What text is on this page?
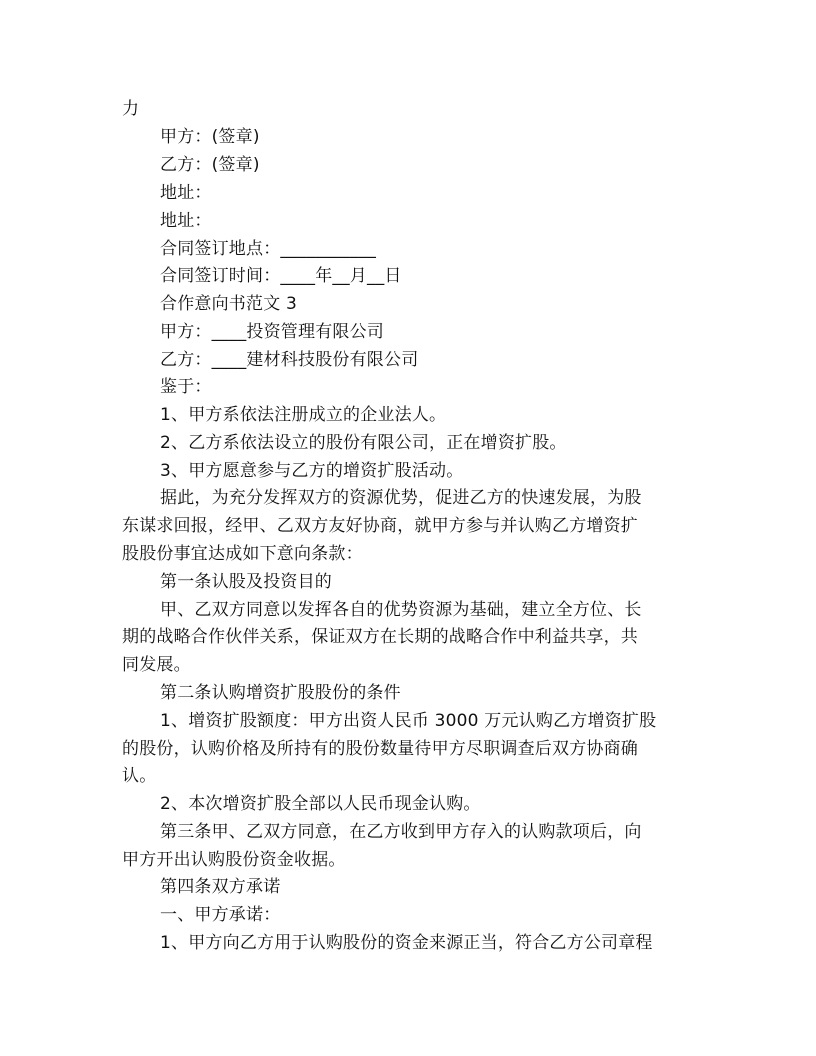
力

甲方：(签章)

乙方：(签章)

地址：

地址：

合同签订地点：___________

合同签订时间：____年__月__日

合作意向书范文 3

甲方：____投资管理有限公司

乙方：____建材科技股份有限公司

鉴于：

1、甲方系依法注册成立的企业法人。

2、乙方系依法设立的股份有限公司，正在增资扩股。

3、甲方愿意参与乙方的增资扩股活动。

据此，为充分发挥双方的资源优势，促进乙方的快速发展，为股

东谋求回报，经甲、乙双方友好协商，就甲方参与并认购乙方增资扩

股股份事宜达成如下意向条款：

第一条认股及投资目的

甲、乙双方同意以发挥各自的优势资源为基础，建立全方位、长

期的战略合作伙伴关系，保证双方在长期的战略合作中利益共享，共

同发展。

第二条认购增资扩股股份的条件

1、增资扩股额度：甲方出资人民币 3000 万元认购乙方增资扩股

的股份，认购价格及所持有的股份数量待甲方尽职调查后双方协商确

认。

2、本次增资扩股全部以人民币现金认购。

第三条甲、乙双方同意，在乙方收到甲方存入的认购款项后，向

甲方开出认购股份资金收据。

第四条双方承诺

一、甲方承诺：

1、甲方向乙方用于认购股份的资金来源正当，符合乙方公司章程
